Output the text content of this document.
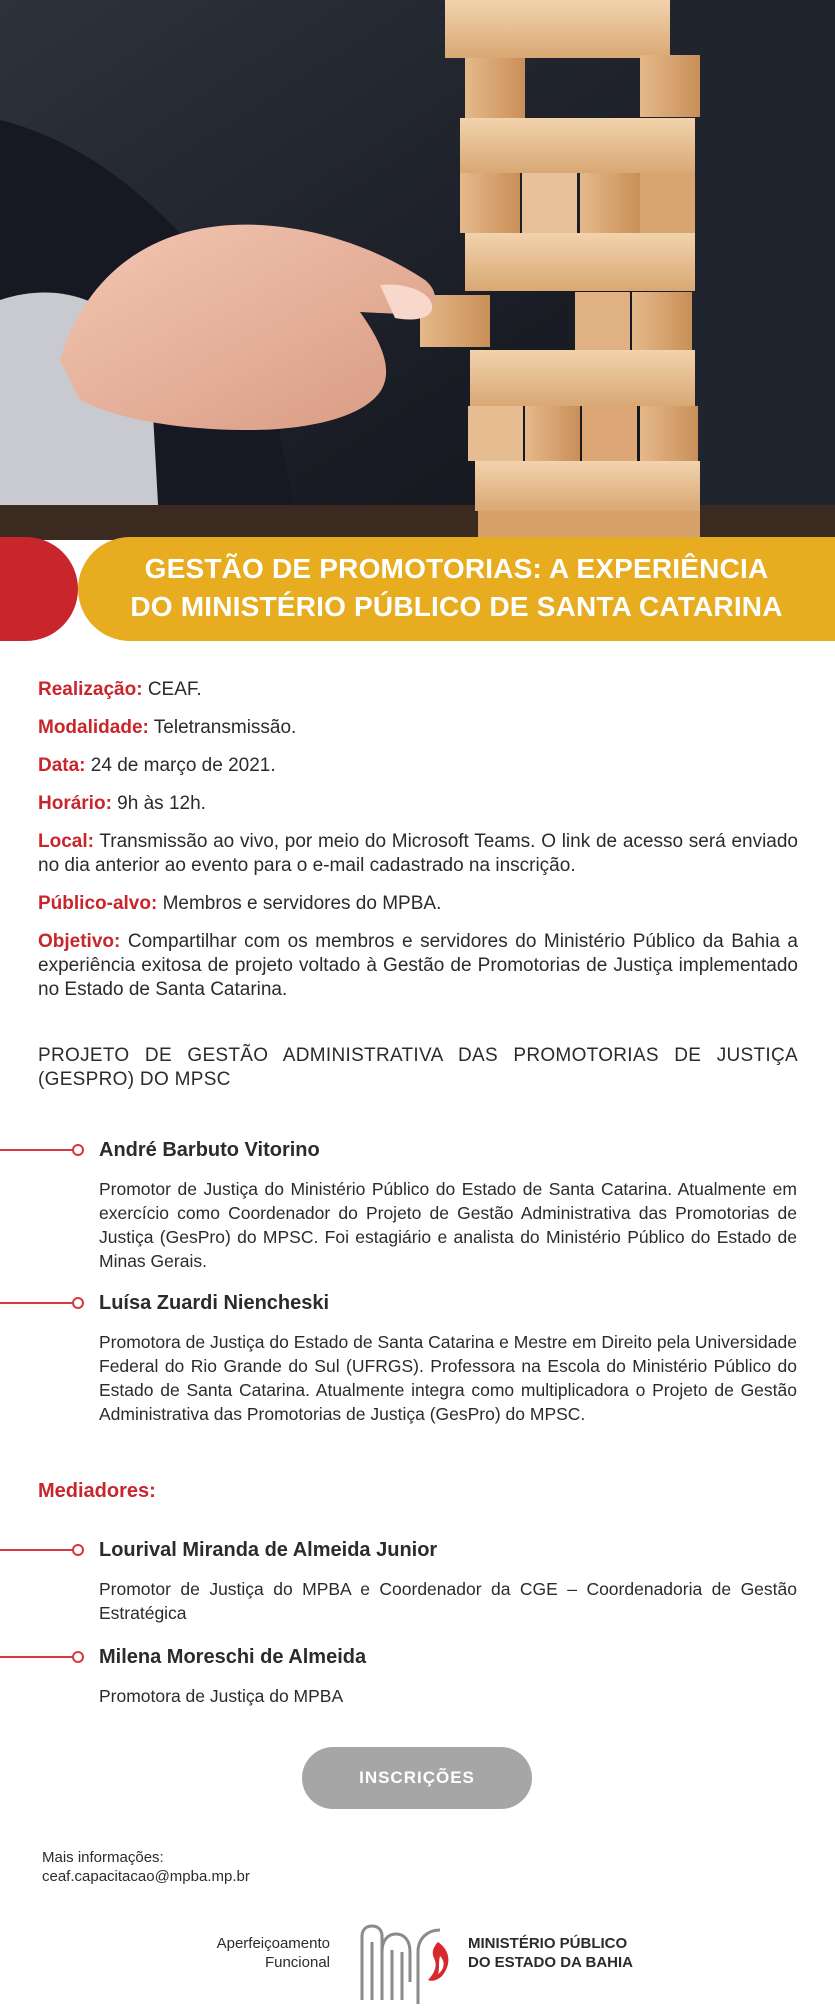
GESTÃO DE PROMOTORIAS: A EXPERIÊNCIA
DO MINISTÉRIO PÚBLICO DE SANTA CATARINA

Realização: CEAF.

Modalidade: Teletransmissão.

Data: 24 de março de 2021.

Horário: 9h às 12h.

Local: Transmissão ao vivo, por meio do Microsoft Teams. O link de acesso será enviado no dia anterior ao evento para o e-mail cadastrado na inscrição.

Público-alvo: Membros e servidores do MPBA.

Objetivo: Compartilhar com os membros e servidores do Ministério Público da Bahia a experiência exitosa de projeto voltado à Gestão de Promotorias de Justiça implementado no Estado de Santa Catarina.

PROJETO DE GESTÃO ADMINISTRATIVA DAS PROMOTORIAS DE JUSTIÇA (GESPRO) DO MPSC
André Barbuto Vitorino

Promotor de Justiça do Ministério Público do Estado de Santa Catarina. Atualmente em exercício como Coordenador do Projeto de Gestão Administrativa das Promotorias de Justiça (GesPro) do MPSC. Foi estagiário e analista do Ministério Público do Estado de Minas Gerais.

Luísa Zuardi Niencheski

Promotora de Justiça do Estado de Santa Catarina e Mestre em Direito pela Universidade Federal do Rio Grande do Sul (UFRGS). Professora na Escola do Ministério Público do Estado de Santa Catarina. Atualmente integra como multiplicadora o Projeto de Gestão Administrativa das Promotorias de Justiça (GesPro) do MPSC.

Mediadores:
Lourival Miranda de Almeida Junior

Promotor de Justiça do MPBA e Coordenador da CGE – Coordenadoria de Gestão Estratégica

Milena Moreschi de Almeida

Promotora de Justiça do MPBA

INSCRIÇÕES
Mais informações:
ceaf.capacitacao@mpba.mp.br
Aperfeiçoamento
Funcional
MINISTÉRIO PÚBLICO
DO ESTADO DA BAHIA
